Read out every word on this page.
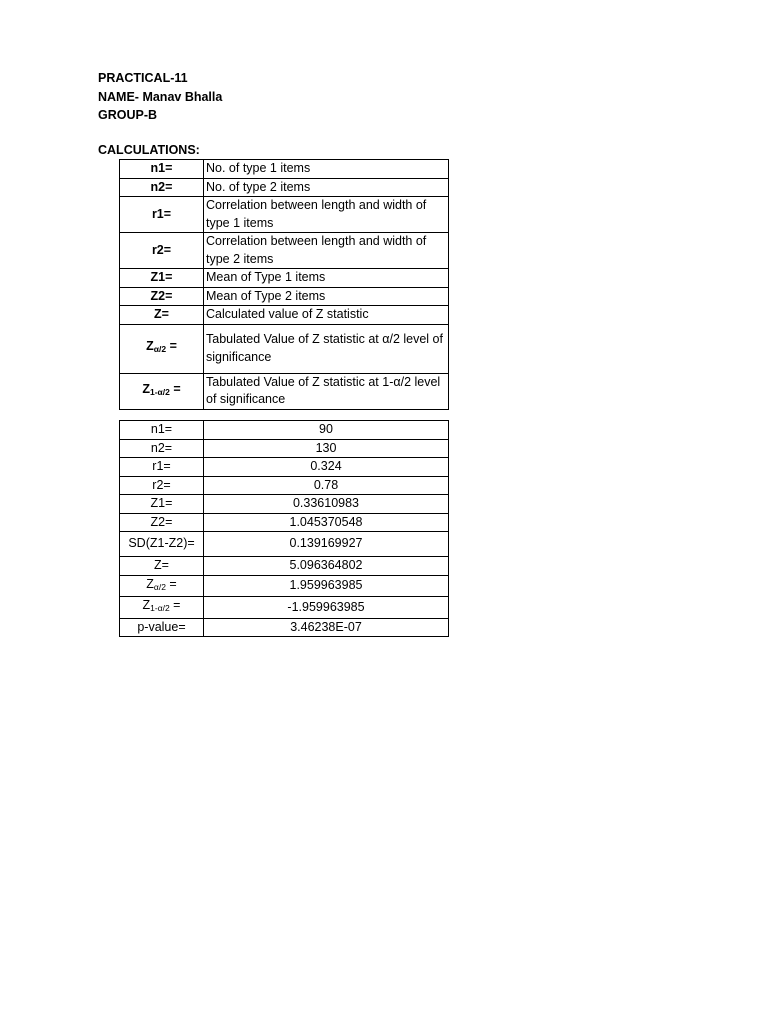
PRACTICAL-11
NAME- Manav Bhalla
GROUP-B
CALCULATIONS:
n1=	No. of type 1 items
n2=	No. of type 2 items
r1=	Correlation between length and width of type 1 items
r2=	Correlation between length and width of type 2 items
Z1=	Mean of Type 1 items
Z2=	Mean of Type 2 items
Z=	Calculated value of Z statistic
$Z_{\alpha/2}$ =	Tabulated Value of Z statistic at α/2 level of significance
$Z_{1-\alpha/2}$ =	Tabulated Value of Z statistic at 1-α/2 level of significance
n1=	90
n2=	130
r1=	0.324
r2=	0.78
Z1=	0.33610983
Z2=	1.045370548
SD(Z1-Z2)=	0.139169927
Z=	5.096364802
$Z_{\alpha/2}$ =	1.959963985
$Z_{1-\alpha/2}$ =	-1.959963985
p-value=	3.46238E-07
